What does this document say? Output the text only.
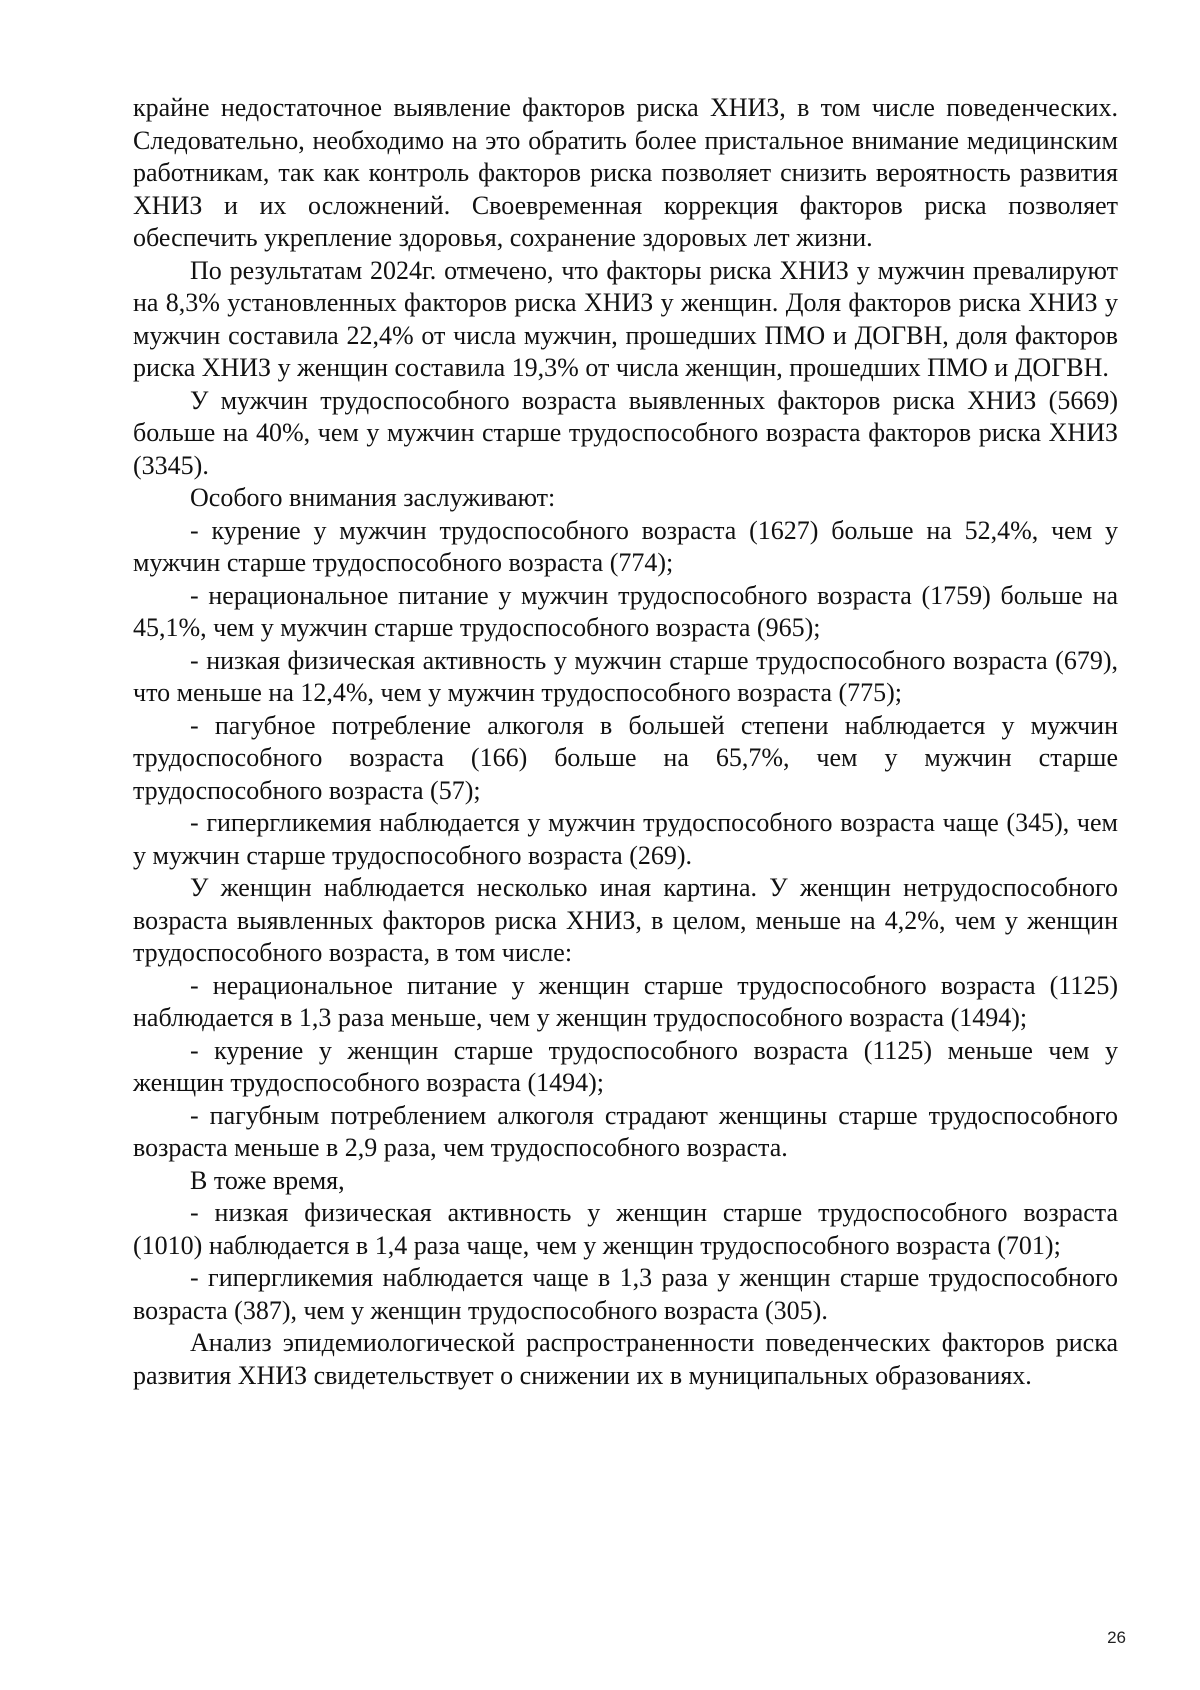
крайне недостаточное выявление факторов риска ХНИЗ, в том числе поведенческих. Следовательно, необходимо на это обратить более пристальное внимание медицинским работникам, так как контроль факторов риска позволяет снизить вероятность развития ХНИЗ и их осложнений. Своевременная коррекция факторов риска позволяет обеспечить укрепление здоровья, сохранение здоровых лет жизни.

По результатам 2024г. отмечено, что факторы риска ХНИЗ у мужчин превалируют на 8,3% установленных факторов риска ХНИЗ у женщин. Доля факторов риска ХНИЗ у мужчин составила 22,4% от числа мужчин, прошедших ПМО и ДОГВН, доля факторов риска ХНИЗ у женщин составила 19,3% от числа женщин, прошедших ПМО и ДОГВН.

У мужчин трудоспособного возраста выявленных факторов риска ХНИЗ (5669) больше на 40%, чем у мужчин старше трудоспособного возраста факторов риска ХНИЗ (3345).

Особого внимания заслуживают:

- курение у мужчин трудоспособного возраста (1627) больше на 52,4%, чем у мужчин старше трудоспособного возраста (774);

- нерациональное питание у мужчин трудоспособного возраста (1759) больше на 45,1%, чем у мужчин старше трудоспособного возраста (965);

- низкая физическая активность у мужчин старше трудоспособного возраста (679), что меньше на 12,4%, чем у мужчин трудоспособного возраста (775);

- пагубное потребление алкоголя в большей степени наблюдается у мужчин трудоспособного возраста (166) больше на 65,7%, чем у мужчин старше трудоспособного возраста (57);

- гипергликемия наблюдается у мужчин трудоспособного возраста чаще (345), чем у мужчин старше трудоспособного возраста (269).

У женщин наблюдается несколько иная картина. У женщин нетрудоспособного возраста выявленных факторов риска ХНИЗ, в целом, меньше на 4,2%, чем у женщин трудоспособного возраста, в том числе:

- нерациональное питание у женщин старше трудоспособного возраста (1125) наблюдается в 1,3 раза меньше, чем у женщин трудоспособного возраста (1494);

- курение у женщин старше трудоспособного возраста (1125) меньше чем у женщин трудоспособного возраста (1494);

- пагубным потреблением алкоголя страдают женщины старше трудоспособного возраста меньше в 2,9 раза, чем трудоспособного возраста.

В тоже время,

- низкая физическая активность у женщин старше трудоспособного возраста (1010) наблюдается в 1,4 раза чаще, чем у женщин трудоспособного возраста (701);

- гипергликемия наблюдается чаще в 1,3 раза у женщин старше трудоспособного возраста (387), чем у женщин трудоспособного возраста (305).

Анализ эпидемиологической распространенности поведенческих факторов риска развития ХНИЗ свидетельствует о снижении их в муниципальных образованиях.

26
